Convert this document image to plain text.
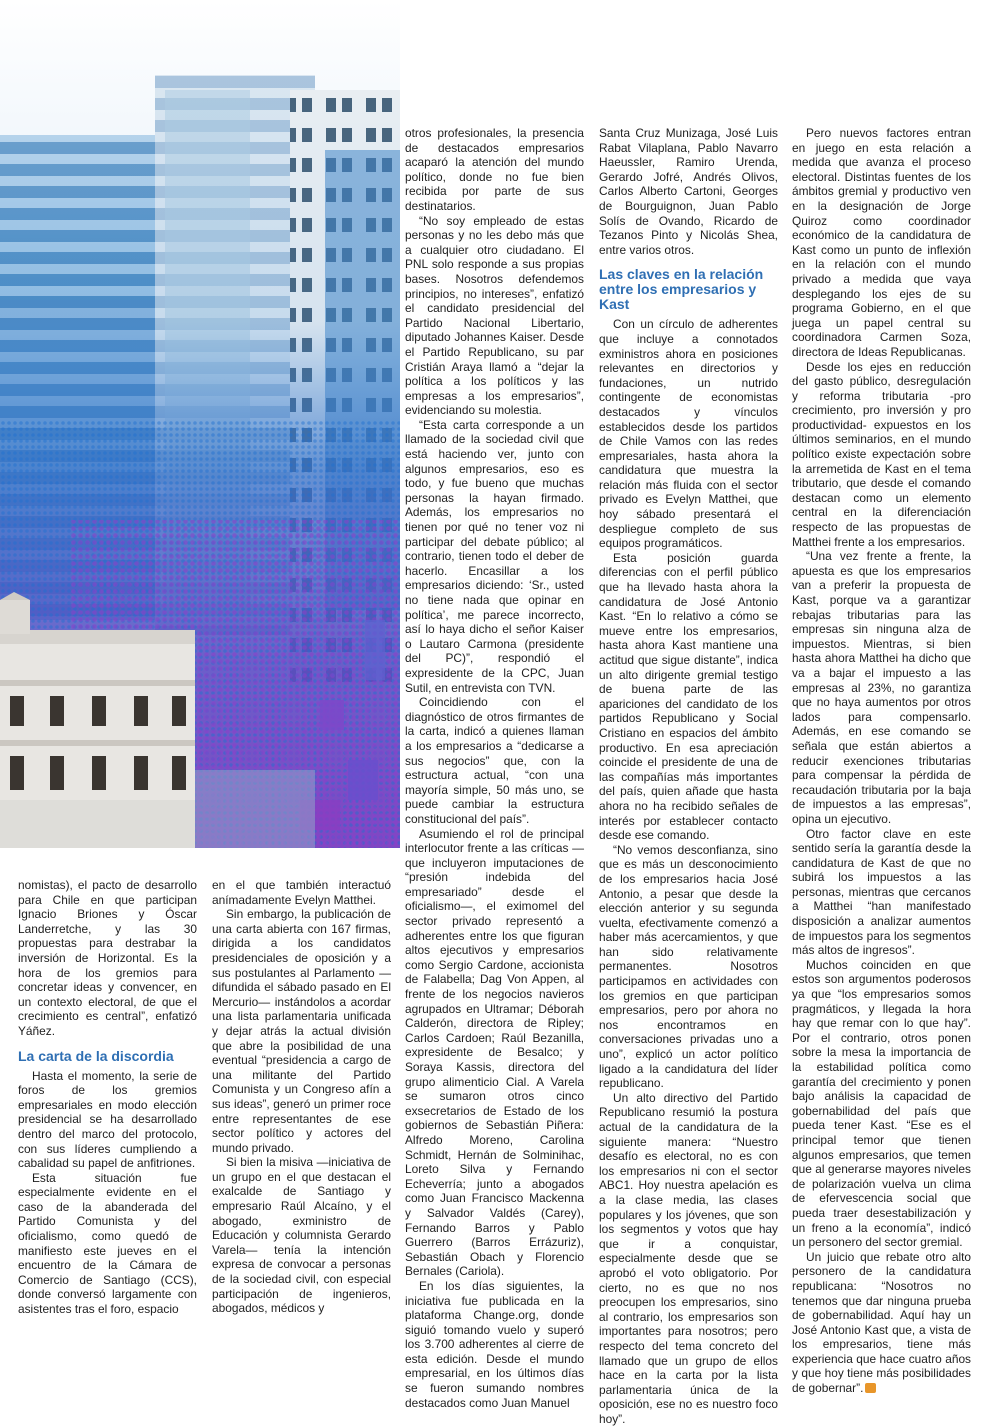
nomistas), el pacto de desarrollo para Chile en que participan Ignacio Briones y Óscar Landerretche, y las 30 propuestas para destrabar la inversión de Horizontal. Es la hora de los gremios para concretar ideas y convencer, en un contexto electoral, de que el crecimiento es central”, enfatizó Yáñez.

La carta de la discordia

Hasta el momento, la serie de foros de los gremios empresariales en modo elección presidencial se ha desarrollado dentro del marco del protocolo, con sus líderes cumpliendo a cabalidad su papel de anfitriones.

Esta situación fue especialmente evidente en el caso de la abanderada del Partido Comunista y del oficialismo, como quedó de manifiesto este jueves en el encuentro de la Cámara de Comercio de Santiago (CCS), donde conversó largamente con asistentes tras el foro, espacio

en el que también interactuó anímadamente Evelyn Matthei.

Sin embargo, la publicación de una carta abierta con 167 firmas, dirigida a los candidatos presidenciales de oposición y a sus postulantes al Parlamento —difundida el sábado pasado en El Mercurio— instándolos a acordar una lista parlamentaria unificada y dejar atrás la actual división que abre la posibilidad de una eventual “presidencia a cargo de una militante del Partido Comunista y un Congreso afín a sus ideas”, generó un primer roce entre representantes de ese sector político y actores del mundo privado.

Si bien la misiva —iniciativa de un grupo en el que destacan el exalcalde de Santiago y empresario Raúl Alcaíno, y el abogado, exministro de Educación y columnista Gerardo Varela— tenía la intención expresa de convocar a personas de la sociedad civil, con especial participación de ingenieros, abogados, médicos y

otros profesionales, la presencia de destacados empresarios acaparó la atención del mundo político, donde no fue bien recibida por parte de sus destinatarios.

“No soy empleado de estas personas y no les debo más que a cualquier otro ciudadano. El PNL solo responde a sus propias bases. Nosotros defendemos principios, no intereses”, enfatizó el candidato presidencial del Partido Nacional Libertario, diputado Johannes Kaiser. Desde el Partido Republicano, su par Cristián Araya llamó a “dejar la política a los políticos y las empresas a los empresarios”, evidenciando su molestia.

“Esta carta corresponde a un llamado de la sociedad civil que está haciendo ver, junto con algunos empresarios, eso es todo, y fue bueno que muchas personas la hayan firmado. Además, los empresarios no tienen por qué no tener voz ni participar del debate público; al contrario, tienen todo el deber de hacerlo. Encasillar a los empresarios diciendo: ‘Sr., usted no tiene nada que opinar en política’, me parece incorrecto, así lo haya dicho el señor Kaiser o Lautaro Carmona (presidente del PC)”, respondió el expresidente de la CPC, Juan Sutil, en entrevista con TVN.

Coincidiendo con el diagnóstico de otros firmantes de la carta, indicó a quienes llaman a los empresarios a “dedicarse a sus negocios” que, con la estructura actual, “con una mayoría simple, 50 más uno, se puede cambiar la estructura constitucional del país”.

Asumiendo el rol de principal interlocutor frente a las críticas —que incluyeron imputaciones de “presión indebida del empresariado” desde el oficialismo—, el eximomel del sector privado representó a adherentes entre los que figuran altos ejecutivos y empresarios como Sergio Cardone, accionista de Falabella; Dag Von Appen, al frente de los negocios navieros agrupados en Ultramar; Déborah Calderón, directora de Ripley; Carlos Cardoen; Raúl Bezanilla, expresidente de Besalco; y Soraya Kassis, directora del grupo alimenticio Cial. A Varela se sumaron otros cinco exsecretarios de Estado de los gobiernos de Sebastián Piñera: Alfredo Moreno, Carolina Schmidt, Hernán de Solminihac, Loreto Silva y Fernando Echeverría; junto a abogados como Juan Francisco Mackenna y Salvador Valdés (Carey), Fernando Barros y Pablo Guerrero (Barros Errázuriz), Sebastián Obach y Florencio Bernales (Cariola).

En los días siguientes, la iniciativa fue publicada en la plataforma Change.org, donde siguió tomando vuelo y superó los 3.700 adherentes al cierre de esta edición. Desde el mundo empresarial, en los últimos días se fueron sumando nombres destacados como Juan Manuel

Santa Cruz Munizaga, José Luis Rabat Vilaplana, Pablo Navarro Haeussler, Ramiro Urenda, Gerardo Jofré, Andrés Olivos, Carlos Alberto Cartoni, Georges de Bourguignon, Juan Pablo Solís de Ovando, Ricardo de Tezanos Pinto y Nicolás Shea, entre varios otros.

Las claves en la relación entre los empresarios y Kast

Con un círculo de adherentes que incluye a connotados exministros ahora en posiciones relevantes en directorios y fundaciones, un nutrido contingente de economistas destacados y vínculos establecidos desde los partidos de Chile Vamos con las redes empresariales, hasta ahora la candidatura que muestra la relación más fluida con el sector privado es Evelyn Matthei, que hoy sábado presentará el despliegue completo de sus equipos programáticos.

Esta posición guarda diferencias con el perfil público que ha llevado hasta ahora la candidatura de José Antonio Kast. “En lo relativo a cómo se mueve entre los empresarios, hasta ahora Kast mantiene una actitud que sigue distante”, indica un alto dirigente gremial testigo de buena parte de las apariciones del candidato de los partidos Republicano y Social Cristiano en espacios del ámbito productivo. En esa apreciación coincide el presidente de una de las compañías más importantes del país, quien añade que hasta ahora no ha recibido señales de interés por establecer contacto desde ese comando.

“No vemos desconfianza, sino que es más un desconocimiento de los empresarios hacia José Antonio, a pesar que desde la elección anterior y su segunda vuelta, efectivamente comenzó a haber más acercamientos, y que han sido relativamente permanentes. Nosotros participamos en actividades con los gremios en que participan empresarios, pero por ahora no nos encontramos en conversaciones privadas uno a uno”, explicó un actor político ligado a la candidatura del líder republicano.

Un alto directivo del Partido Republicano resumió la postura actual de la candidatura de la siguiente manera: “Nuestro desafío es electoral, no es con los empresarios ni con el sector ABC1. Hoy nuestra apelación es a la clase media, las clases populares y los jóvenes, que son los segmentos y votos que hay que ir a conquistar, especialmente desde que se aprobó el voto obligatorio. Por cierto, no es que no nos preocupen los empresarios, sino al contrario, los empresarios son importantes para nosotros; pero respecto del tema concreto del llamado que un grupo de ellos hace en la carta por la lista parlamentaria única de la oposición, ese no es nuestro foco hoy”.

Pero nuevos factores entran en juego en esta relación a medida que avanza el proceso electoral. Distintas fuentes de los ámbitos gremial y productivo ven en la designación de Jorge Quiroz como coordinador económico de la candidatura de Kast como un punto de inflexión en la relación con el mundo privado a medida que vaya desplegando los ejes de su programa Gobierno, en el que juega un papel central su coordinadora Carmen Soza, directora de Ideas Republicanas.

Desde los ejes en reducción del gasto público, desregulación y reforma tributaria -pro crecimiento, pro inversión y pro productividad- expuestos en los últimos seminarios, en el mundo político existe expectación sobre la arremetida de Kast en el tema tributario, que desde el comando destacan como un elemento central en la diferenciación respecto de las propuestas de Matthei frente a los empresarios.

“Una vez frente a frente, la apuesta es que los empresarios van a preferir la propuesta de Kast, porque va a garantizar rebajas tributarias para las empresas sin ninguna alza de impuestos. Mientras, si bien hasta ahora Matthei ha dicho que va a bajar el impuesto a las empresas al 23%, no garantiza que no haya aumentos por otros lados para compensarlo. Además, en ese comando se señala que están abiertos a reducir exenciones tributarias para compensar la pérdida de recaudación tributaria por la baja de impuestos a las empresas”, opina un ejecutivo.

Otro factor clave en este sentido sería la garantía desde la candidatura de Kast de que no subirá los impuestos a las personas, mientras que cercanos a Matthei “han manifestado disposición a analizar aumentos de impuestos para los segmentos más altos de ingresos”.

Muchos coinciden en que estos son argumentos poderosos ya que “los empresarios somos pragmáticos, y llegada la hora hay que remar con lo que hay”. Por el contrario, otros ponen sobre la mesa la importancia de la estabilidad política como garantía del crecimiento y ponen bajo análisis la capacidad de gobernabilidad del país que pueda tener Kast. “Ese es el principal temor que tienen algunos empresarios, que temen que al generarse mayores niveles de polarización vuelva un clima de efervescencia social que pueda traer desestabilización y un freno a la economía”, indicó un personero del sector gremial.

Un juicio que rebate otro alto personero de la candidatura republicana: “Nosotros no tenemos que dar ninguna prueba de gobernabilidad. Aquí hay un José Antonio Kast que, a vista de los empresarios, tiene más experiencia que hace cuatro años y que hoy tiene más posibilidades de gobernar”.
